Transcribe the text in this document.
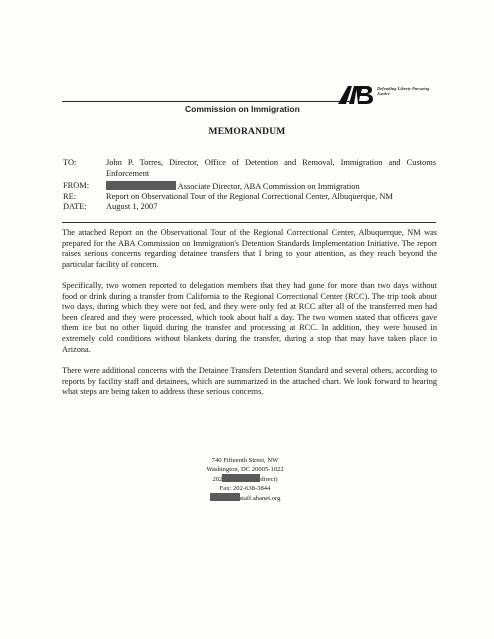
Defending Liberty Pursuing Justice
Commission on Immigration
MEMORANDUM
TO:	John P. Torres, Director, Office of Detention and Removal, Immigration and Customs Enforcement
FROM:	Associate Director, ABA Commission on Immigration
RE:	Report on Observational Tour of the Regional Correctional Center, Albuquerque, NM
DATE: August 1, 2007
The attached Report on the Observational Tour of the Regional Correctional Center, Albuquerque, NM was prepared for the ABA Commission on Immigration's Detention Standards Implementation Initiative. The report raises serious concerns regarding detainee transfers that I bring to your attention, as they reach beyond the particular facility of concern.
Specifically, two women reported to delegation members that they had gone for more than two days without food or drink during a transfer from California to the Regional Correctional Center (RCC). The trip took about two days, during which they were not fed, and they were only fed at RCC after all of the transferred men had been cleared and they were processed, which took about half a day. The two women stated that officers gave them ice but no other liquid during the transfer and processing at RCC. In addition, they were housed in extremely cold conditions without blankets during the transfer, during a stop that may have taken place in Arizona.
There were additional concerns with the Detainee Transfers Detention Standard and several others, according to reports by facility staff and detainees, which are summarized in the attached chart. We look forward to hearing what steps are being taken to address these serious concerns.
740 Fifteenth Street, NW
Washington, DC 20005-1022
202	direct)
Fax: 202-638-3844
staff.abanet.org
